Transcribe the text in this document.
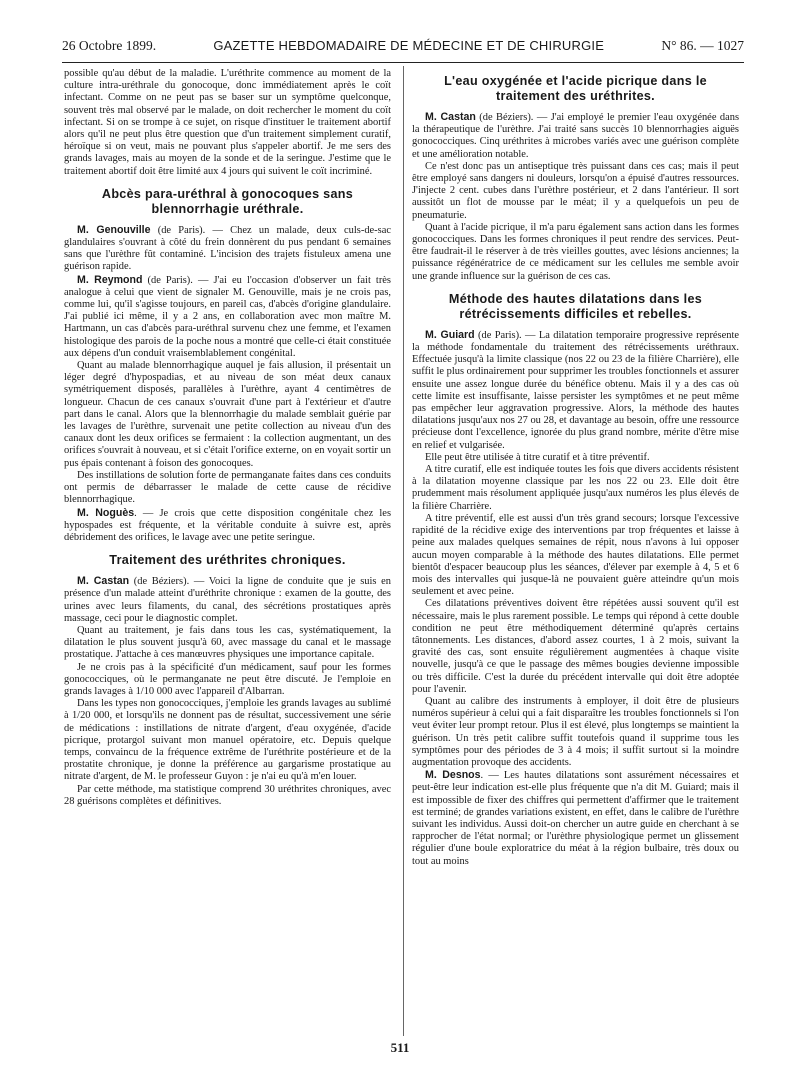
26 Octobre 1899.	GAZETTE HEBDOMADAIRE DE MÉDECINE ET DE CHIRURGIE	N° 86. — 1027

possible qu'au début de la maladie. L'uréthrite commence au moment de la culture intra-uréthrale du gonocoque, donc immédiatement après le coït infectant. Comme on ne peut pas se baser sur un symptôme quelconque, souvent très mal observé par le malade, on doit rechercher le moment du coït infectant. Si on se trompe à ce sujet, on risque d'instituer le traitement abortif alors qu'il ne peut plus être question que d'un traitement simplement curatif, héroïque si on veut, mais ne pouvant plus s'appeler abortif. Je me sers des grands lavages, mais au moyen de la sonde et de la seringue. J'estime que le traitement abortif doit être limité aux 4 jours qui suivent le coït incriminé.

Abcès para-uréthral à gonocoques sans blennorrhagie uréthrale.

M. Genouville (de Paris). — Chez un malade, deux culs-de-sac glandulaires s'ouvrant à côté du frein donnèrent du pus pendant 6 semaines sans que l'urèthre fût contaminé. L'incision des trajets fistuleux amena une guérison rapide.

M. Reymond (de Paris). — J'ai eu l'occasion d'observer un fait très analogue à celui que vient de signaler M. Genouville, mais je ne crois pas, comme lui, qu'il s'agisse toujours, en pareil cas, d'abcès d'origine glandulaire. J'ai publié ici même, il y a 2 ans, en collaboration avec mon maître M. Hartmann, un cas d'abcès para-uréthral survenu chez une femme, et l'examen histologique des parois de la poche nous a montré que celle-ci était constituée aux dépens d'un conduit vraisemblablement congénital.

Quant au malade blennorrhagique auquel je fais allusion, il présentait un léger degré d'hypospadias, et au niveau de son méat deux canaux symétriquement disposés, parallèles à l'urèthre, ayant 4 centimètres de longueur. Chacun de ces canaux s'ouvrait d'une part à l'extérieur et d'autre part dans le canal. Alors que la blennorrhagie du malade semblait guérie par les lavages de l'urèthre, survenait une petite collection au niveau d'un des canaux dont les deux orifices se fermaient : la collection augmentant, un des orifices s'ouvrait à nouveau, et si c'était l'orifice externe, on en voyait sortir un pus épais contenant à foison des gonocoques.

Des instillations de solution forte de permanganate faites dans ces conduits ont permis de débarrasser le malade de cette cause de récidive blennorrhagique.

M. Noguès. — Je crois que cette disposition congénitale chez les hypospades est fréquente, et la véritable conduite à suivre est, après débridement des orifices, le lavage avec une petite seringue.

Traitement des uréthrites chroniques.

M. Castan (de Béziers). — Voici la ligne de conduite que je suis en présence d'un malade atteint d'uréthrite chronique : examen de la goutte, des urines avec leurs filaments, du canal, des sécrétions prostatiques après massage, ceci pour le diagnostic complet.

Quant au traitement, je fais dans tous les cas, systématiquement, la dilatation le plus souvent jusqu'à 60, avec massage du canal et le massage prostatique. J'attache à ces manœuvres physiques une importance capitale.

Je ne crois pas à la spécificité d'un médicament, sauf pour les formes gonococciques, où le permanganate ne peut être discuté. Je l'emploie en grands lavages à 1/10 000 avec l'appareil d'Albarran.

Dans les types non gonococciques, j'emploie les grands lavages au sublimé à 1/20 000, et lorsqu'ils ne donnent pas de résultat, successivement une série de médications : instillations de nitrate d'argent, d'eau oxygénée, d'acide picrique, protargol suivant mon manuel opératoire, etc. Depuis quelque temps, convaincu de la fréquence extrême de l'uréthrite postérieure et de la prostatite chronique, je donne la préférence au gargarisme prostatique au nitrate d'argent, de M. le professeur Guyon : je n'ai eu qu'à m'en louer.

Par cette méthode, ma statistique comprend 30 uréthrites chroniques, avec 28 guérisons complètes et définitives.

L'eau oxygénée et l'acide picrique dans le traitement des uréthrites.

M. Castan (de Béziers). — J'ai employé le premier l'eau oxygénée dans la thérapeutique de l'urèthre. J'ai traité sans succès 10 blennorrhagies aiguës gonococciques. Cinq uréthrites à microbes variés avec une guérison complète et une amélioration notable.

Ce n'est donc pas un antiseptique très puissant dans ces cas; mais il peut être employé sans dangers ni douleurs, lorsqu'on a épuisé d'autres ressources. J'injecte 2 cent. cubes dans l'urèthre postérieur, et 2 dans l'antérieur. Il sort aussitôt un flot de mousse par le méat; il y a quelquefois un peu de pneumaturie.

Quant à l'acide picrique, il m'a paru également sans action dans les formes gonococciques. Dans les formes chroniques il peut rendre des services. Peut-être faudrait-il le réserver à de très vieilles gouttes, avec lésions anciennes; la puissance régénératrice de ce médicament sur les cellules me semble avoir une grande influence sur la guérison de ces cas.

Méthode des hautes dilatations dans les rétrécissements difficiles et rebelles.

M. Guiard (de Paris). — La dilatation temporaire progressive représente la méthode fondamentale du traitement des rétrécissements uréthraux. Effectuée jusqu'à la limite classique (nos 22 ou 23 de la filière Charrière), elle suffit le plus ordinairement pour supprimer les troubles fonctionnels et assurer ensuite une assez longue durée du bénéfice obtenu. Mais il y a des cas où cette limite est insuffisante, laisse persister les symptômes et ne peut même pas empêcher leur aggravation progressive. Alors, la méthode des hautes dilatations jusqu'aux nos 27 ou 28, et davantage au besoin, offre une ressource précieuse dont l'excellence, ignorée du plus grand nombre, mérite d'être mise en relief et vulgarisée.

Elle peut être utilisée à titre curatif et à titre préventif.

A titre curatif, elle est indiquée toutes les fois que divers accidents résistent à la dilatation moyenne classique par les nos 22 ou 23. Elle doit être prudemment mais résolument appliquée jusqu'aux numéros les plus élevés de la filière Charrière.

A titre préventif, elle est aussi d'un très grand secours; lorsque l'excessive rapidité de la récidive exige des interventions par trop fréquentes et laisse à peine aux malades quelques semaines de répit, nous n'avons à lui opposer aucun moyen comparable à la méthode des hautes dilatations. Elle permet bientôt d'espacer beaucoup plus les séances, d'élever par exemple à 4, 5 et 6 mois des intervalles qui jusque-là ne pouvaient guère atteindre qu'un mois seulement et avec peine.

Ces dilatations préventives doivent être répétées aussi souvent qu'il est nécessaire, mais le plus rarement possible. Le temps qui répond à cette double condition ne peut être méthodiquement déterminé qu'après certains tâtonnements. Les distances, d'abord assez courtes, 1 à 2 mois, suivant la gravité des cas, sont ensuite régulièrement augmentées à chaque visite nouvelle, jusqu'à ce que le passage des mêmes bougies devienne impossible ou très difficile. C'est la durée du précédent intervalle qui doit être adoptée pour l'avenir.

Quant au calibre des instruments à employer, il doit être de plusieurs numéros supérieur à celui qui a fait disparaître les troubles fonctionnels si l'on veut éviter leur prompt retour. Plus il est élevé, plus longtemps se maintient la guérison. Un très petit calibre suffit toutefois quand il supprime tous les symptômes pour des périodes de 3 à 4 mois; il suffit surtout si la moindre augmentation provoque des accidents.

M. Desnos. — Les hautes dilatations sont assurément nécessaires et peut-être leur indication est-elle plus fréquente que n'a dit M. Guiard; mais il est impossible de fixer des chiffres qui permettent d'affirmer que le traitement est terminé; de grandes variations existent, en effet, dans le calibre de l'urèthre suivant les individus. Aussi doit-on chercher un autre guide en cherchant à se rapprocher de l'état normal; or l'urèthre physiologique permet un glissement régulier d'une boule exploratrice du méat à la région bulbaire, très doux ou tout au moins

511
